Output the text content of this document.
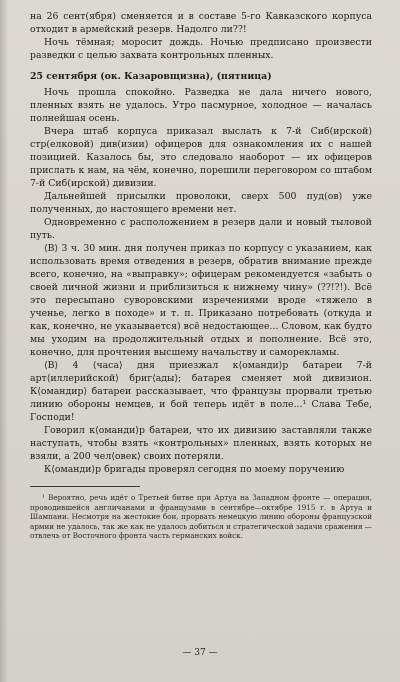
на 26 сент(ября) сменяется и в составе 5-го Кавказского корпуса отходит в армейский резерв. Надолго ли??!

Ночь тёмная; моросит дождь. Ночью предписано произвести разведки с целью захвата контрольных пленных.

25 сентября (ок. Казаровщизна), (пятница)

Ночь прошла спокойно. Разведка не дала ничего нового, пленных взять не удалось. Утро пасмурное, холодное — началась полнейшая осень.

Вчера штаб корпуса приказал выслать к 7-й Сиб(ирской) стр(елковой) див(изии) офицеров для ознакомления их с нашей позицией. Казалось бы, это следовало наоборот — их офицеров прислать к нам, на чём, конечно, порешили переговором со штабом 7-й Сиб(ирской) дивизии.

Дальнейшей присылки проволоки, сверх 500 пуд(ов) уже полученных, до настоящего времени нет.

Одновременно с расположением в резерв дали и новый тыловой путь.

⟨В⟩ 3 ч. 30 мин. дня получен приказ по корпусу с указанием, как использовать время отведения в резерв, обратив внимание прежде всего, конечно, на «выправку»; офицерам рекомендуется «забыть о своей личной жизни и приблизиться к нижнему чину» (??!?!). Всё это пересыпано суворовскими изречениями вроде «тяжело в ученье, легко в походе» и т. п. Приказано потребовать (откуда и как, конечно, не указывается) всё недостающее... Словом, как будто мы уходим на продолжительный отдых и пополнение. Всё это, конечно, для прочтения высшему начальству и саморекламы.

⟨В⟩ 4 ⟨часа⟩ дня приезжал к⟨оманди⟩р батареи 7-й арт⟨иллерийской⟩ бриг⟨ады⟩; батарея сменяет мой дивизион. К⟨омандир⟩ батареи рассказывает, что французы прорвали третью линию обороны немцев, и бой теперь идёт в поле...¹ Слава Тебе, Господи!

Говорил к⟨оманди⟩р батареи, что их дивизию заставляли также наступать, чтобы взять «контрольных» пленных, взять которых не взяли, а 200 чел⟨овек⟩ своих потеряли.

К⟨оманди⟩р бригады проверял сегодня по моему поручению

¹ Вероятно, речь идёт о Третьей битве при Артуа на Западном фронте — операция, проводившейся англичанами и французами в сентябре—октябре 1915 г. в Артуа и Шампани. Несмотря на жестокие бои, прорвать немецкую линию обороны французской армии не удалось, так же как не удалось добиться и стратегической задачи сражения — отвлечь от Восточного фронта часть германских войск.

— 37 —
